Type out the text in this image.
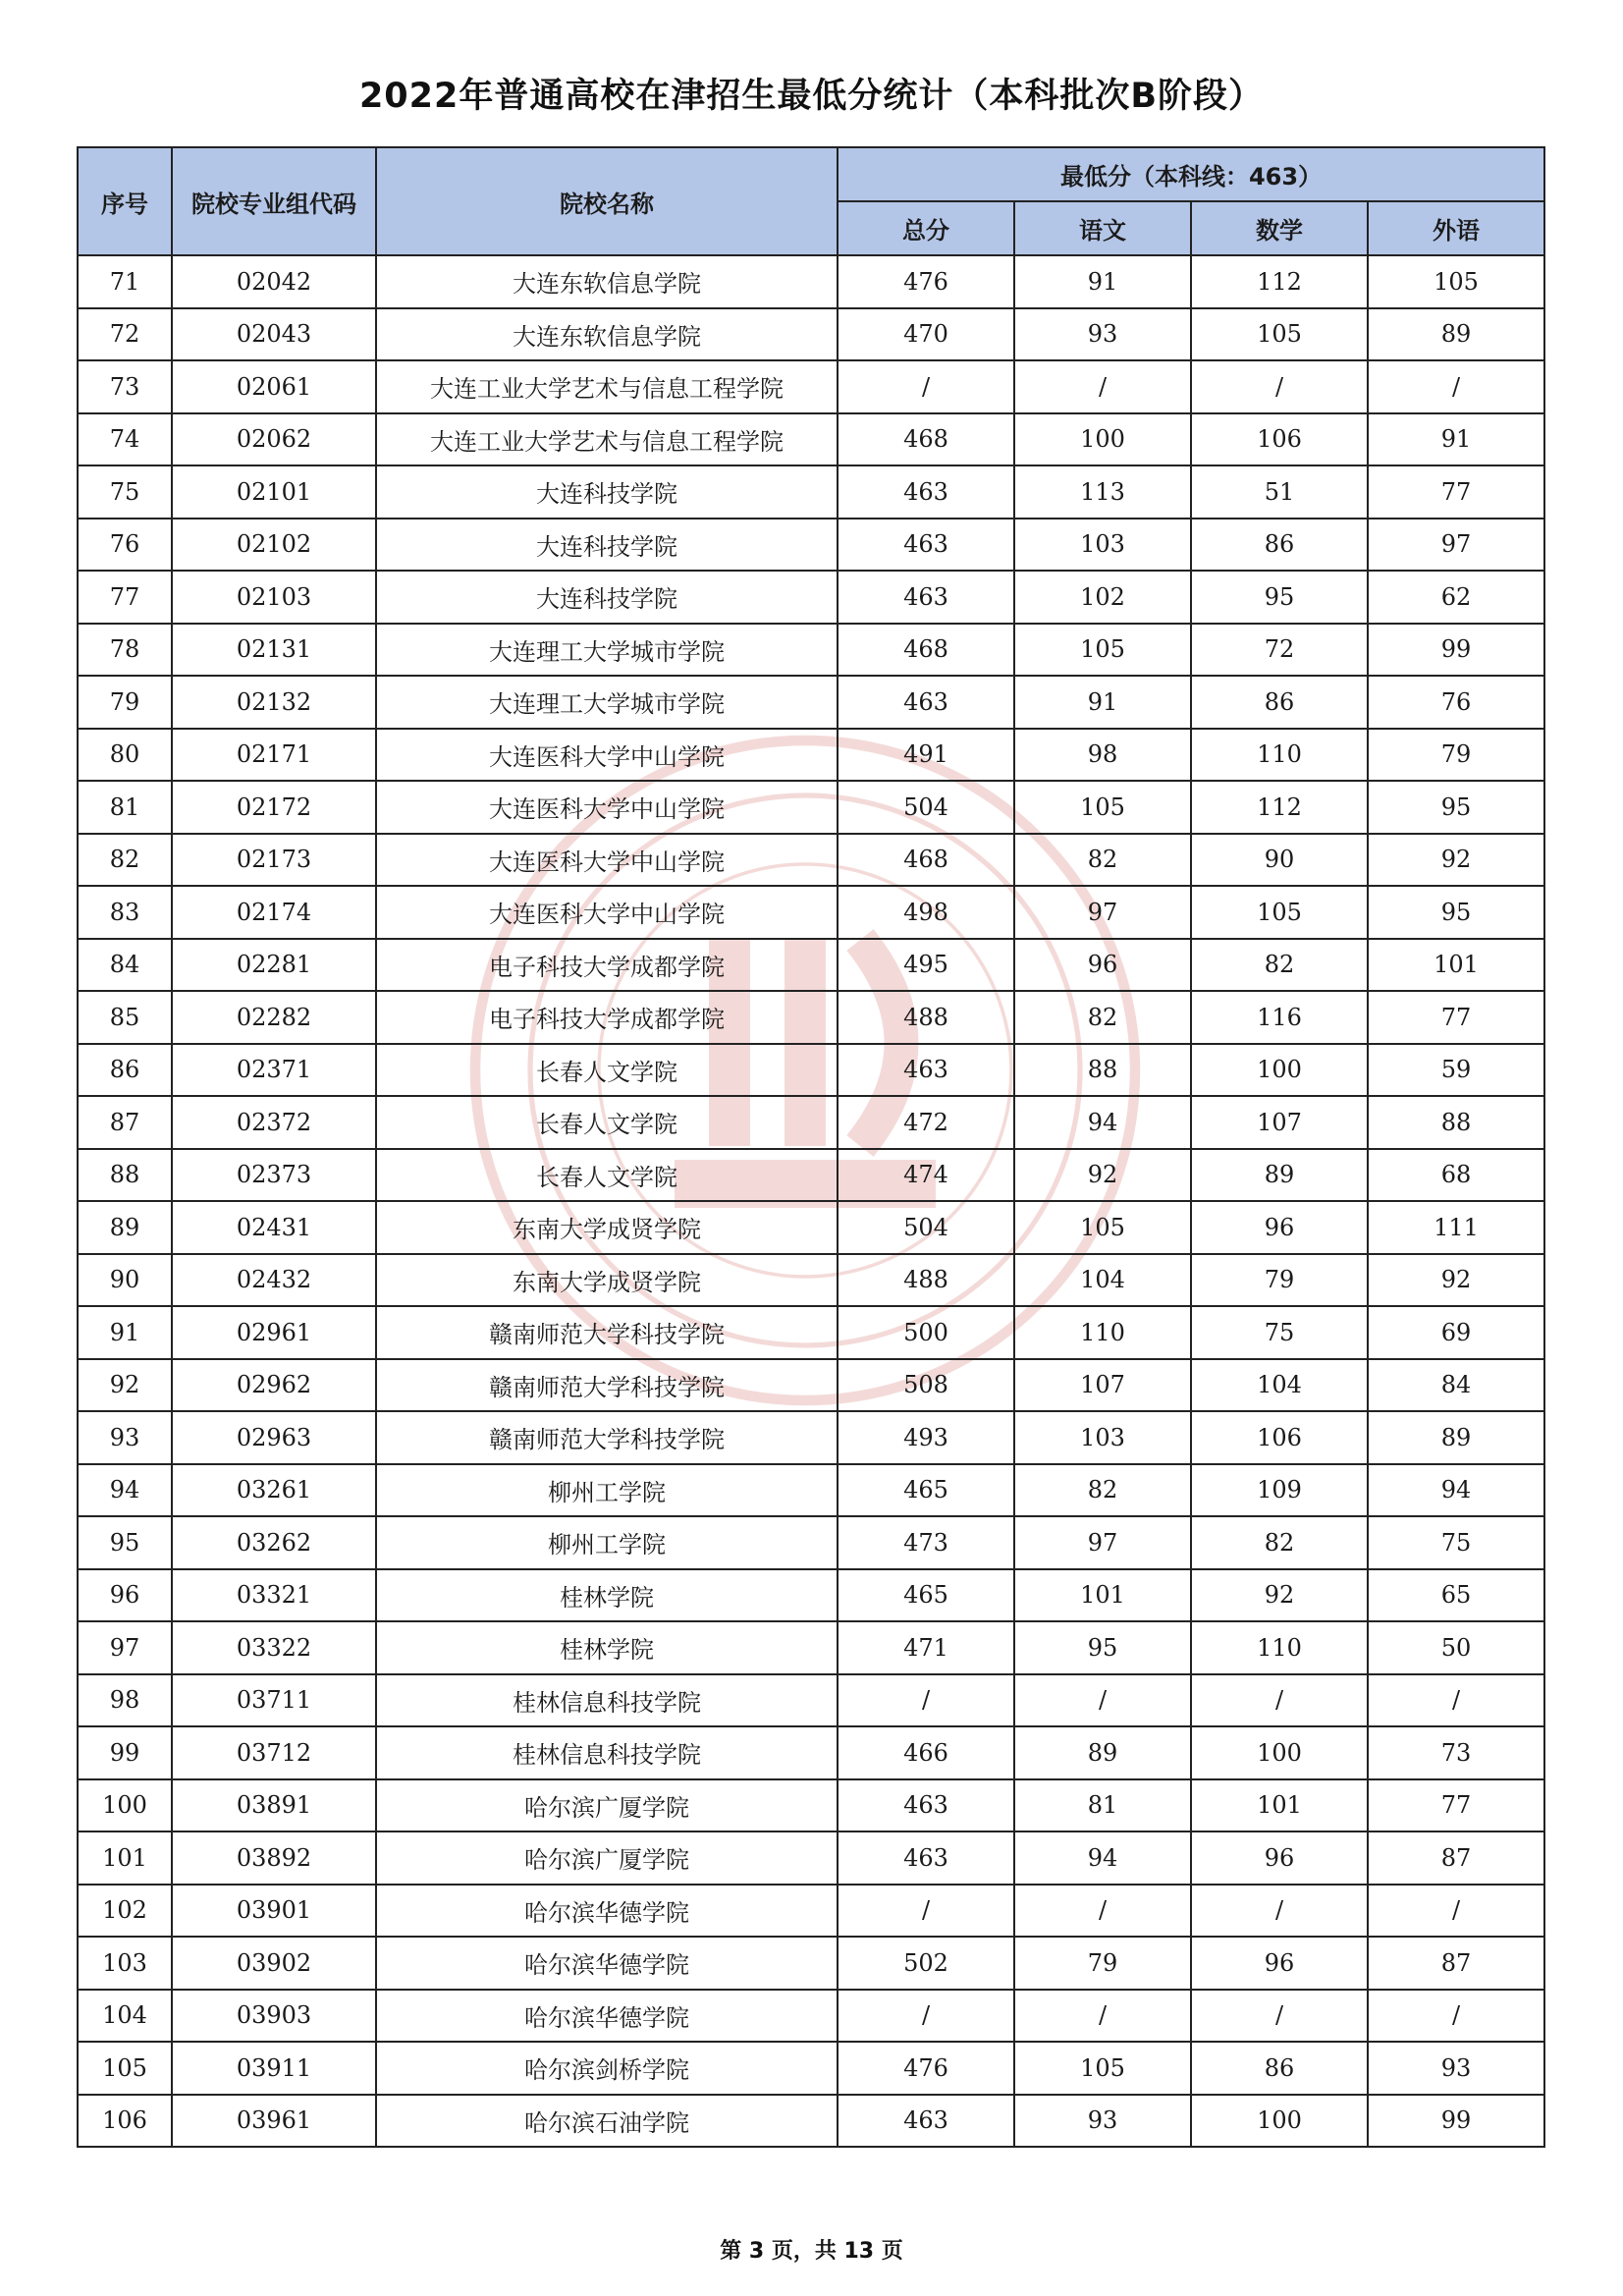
2022年普通高校在津招生最低分统计（本科批次B阶段）
序号	院校专业组代码	院校名称	最低分（本科线：463）			
			总分	语文	数学	外语
71	02042	大连东软信息学院	476	91	112	105
72	02043	大连东软信息学院	470	93	105	89
73	02061	大连工业大学艺术与信息工程学院	/	/	/	/
74	02062	大连工业大学艺术与信息工程学院	468	100	106	91
75	02101	大连科技学院	463	113	51	77
76	02102	大连科技学院	463	103	86	97
77	02103	大连科技学院	463	102	95	62
78	02131	大连理工大学城市学院	468	105	72	99
79	02132	大连理工大学城市学院	463	91	86	76
80	02171	大连医科大学中山学院	491	98	110	79
81	02172	大连医科大学中山学院	504	105	112	95
82	02173	大连医科大学中山学院	468	82	90	92
83	02174	大连医科大学中山学院	498	97	105	95
84	02281	电子科技大学成都学院	495	96	82	101
85	02282	电子科技大学成都学院	488	82	116	77
86	02371	长春人文学院	463	88	100	59
87	02372	长春人文学院	472	94	107	88
88	02373	长春人文学院	474	92	89	68
89	02431	东南大学成贤学院	504	105	96	111
90	02432	东南大学成贤学院	488	104	79	92
91	02961	赣南师范大学科技学院	500	110	75	69
92	02962	赣南师范大学科技学院	508	107	104	84
93	02963	赣南师范大学科技学院	493	103	106	89
94	03261	柳州工学院	465	82	109	94
95	03262	柳州工学院	473	97	82	75
96	03321	桂林学院	465	101	92	65
97	03322	桂林学院	471	95	110	50
98	03711	桂林信息科技学院	/	/	/	/
99	03712	桂林信息科技学院	466	89	100	73
100	03891	哈尔滨广厦学院	463	81	101	77
101	03892	哈尔滨广厦学院	463	94	96	87
102	03901	哈尔滨华德学院	/	/	/	/
103	03902	哈尔滨华德学院	502	79	96	87
104	03903	哈尔滨华德学院	/	/	/	/
105	03911	哈尔滨剑桥学院	476	105	86	93
106	03961	哈尔滨石油学院	463	93	100	99
第 3 页，共 13 页
